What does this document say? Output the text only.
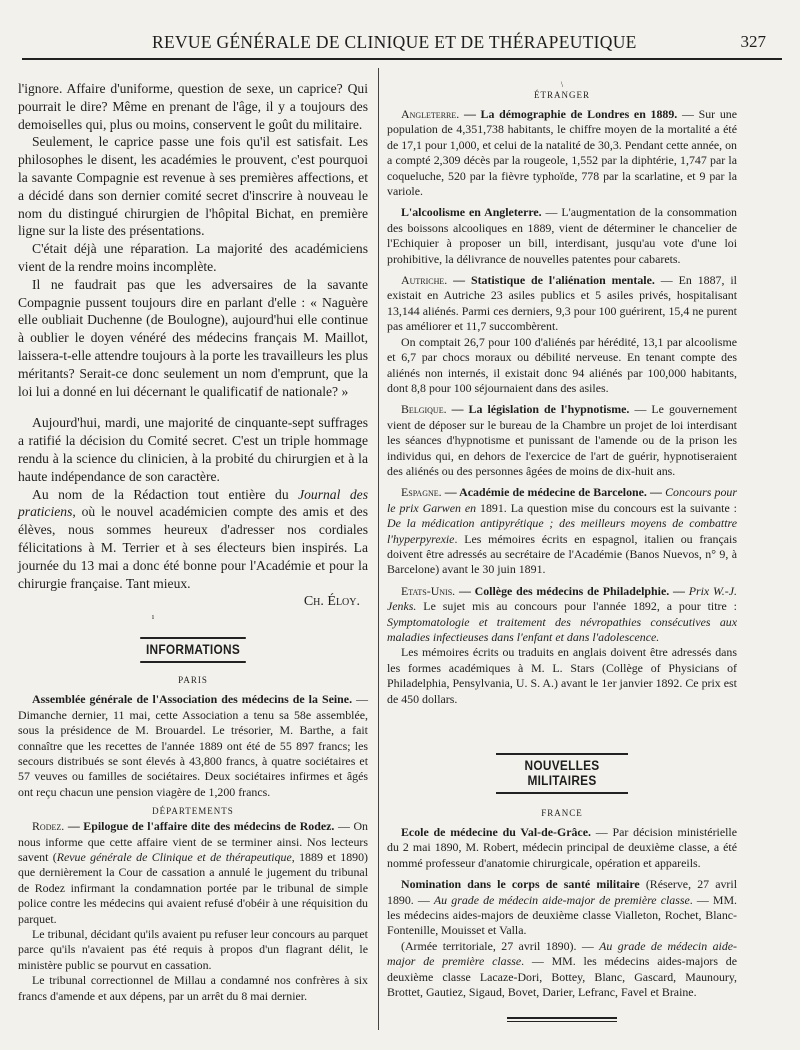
REVUE GÉNÉRALE DE CLINIQUE ET DE THÉRAPEUTIQUE	327

l'ignore. Affaire d'uniforme, question de sexe, un caprice? Qui pourrait le dire? Même en prenant de l'âge, il y a toujours des demoiselles qui, plus ou moins, conservent le goût du militaire.

Seulement, le caprice passe une fois qu'il est satisfait. Les philosophes le disent, les académies le prouvent, c'est pourquoi la savante Compagnie est revenue à ses premières affections, et a décidé dans son dernier comité secret d'inscrire à nouveau le nom du distingué chirurgien de l'hôpital Bichat, en première ligne sur la liste des présentations.

C'était déjà une réparation. La majorité des académiciens vient de la rendre moins incomplète.

Il ne faudrait pas que les adversaires de la savante Compagnie pussent toujours dire en parlant d'elle : « Naguère elle oubliait Duchenne (de Boulogne), aujourd'hui elle continue à oublier le doyen vénéré des médecins français M. Maillot, laissera-t-elle attendre toujours à la porte les travailleurs les plus méritants? Serait-ce donc seulement un nom d'emprunt, que la loi lui a donné en lui décernant le qualificatif de nationale? »

Aujourd'hui, mardi, une majorité de cinquante-sept suffrages a ratifié la décision du Comité secret. C'est un triple hommage rendu à la science du clinicien, à la probité du chirurgien et à la haute indépendance de son caractère.

Au nom de la Rédaction tout entière du Journal des praticiens, où le nouvel académicien compte des amis et des élèves, nous sommes heureux d'adresser nos cordiales félicitations à M. Terrier et à ses électeurs bien inspirés. La journée du 13 mai a donc été bonne pour l'Académie et pour la chirurgie française. Tant mieux.

Ch. Éloy.
ı
INFORMATIONS
PARIS

Assemblée générale de l'Association des médecins de la Seine. — Dimanche dernier, 11 mai, cette Association a tenu sa 58e assemblée, sous la présidence de M. Brouardel. Le trésorier, M. Barthe, a fait connaître que les recettes de l'année 1889 ont été de 55 897 francs; les secours distribués se sont élevés à 43,800 francs, à quatre sociétaires et 57 veuves ou familles de sociétaires. Deux sociétaires infirmes et âgés ont reçu chacun une pension viagère de 1,200 francs.

DÉPARTEMENTS

Rodez. — Epilogue de l'affaire dite des médecins de Rodez. — On nous informe que cette affaire vient de se terminer ainsi. Nos lecteurs savent (Revue générale de Clinique et de thérapeutique, 1889 et 1890) que dernièrement la Cour de cassation a annulé le jugement du tribunal de Rodez infirmant la condamnation portée par le tribunal de simple police contre les médecins qui avaient refusé d'obéir à une réquisition du parquet.

Le tribunal, décidant qu'ils avaient pu refuser leur concours au parquet parce qu'ils n'avaient pas été requis à propos d'un flagrant délit, le ministère public se pourvut en cassation.

Le tribunal correctionnel de Millau a condamné nos confrères à six francs d'amende et aux dépens, par un arrêt du 8 mai dernier.

\
ÉTRANGER

Angleterre. — La démographie de Londres en 1889. — Sur une population de 4,351,738 habitants, le chiffre moyen de la mortalité a été de 17,1 pour 1,000, et celui de la natalité de 30,3. Pendant cette année, on a compté 2,309 décès par la rougeole, 1,552 par la diphtérie, 1,747 par la coqueluche, 520 par la fièvre typhoïde, 778 par la scarlatine, et 9 par la variole.

L'alcoolisme en Angleterre. — L'augmentation de la consommation des boissons alcooliques en 1889, vient de déterminer le chancelier de l'Echiquier à proposer un bill, interdisant, jusqu'au vote d'une loi prohibitive, la délivrance de nouvelles patentes pour cabarets.

Autriche. — Statistique de l'aliénation mentale. — En 1887, il existait en Autriche 23 asiles publics et 5 asiles privés, hospitalisant 13,144 aliénés. Parmi ces derniers, 9,3 pour 100 guérirent, 15,4 ne purent pas améliorer et 11,7 succombèrent.

On comptait 26,7 pour 100 d'aliénés par hérédité, 13,1 par alcoolisme et 6,7 par chocs moraux ou débilité nerveuse. En tenant compte des aliénés non internés, il existait donc 94 aliénés par 100,000 habitants, dont 8,8 pour 100 séjournaient dans des asiles.

Belgique. — La législation de l'hypnotisme. — Le gouvernement vient de déposer sur le bureau de la Chambre un projet de loi interdisant les séances d'hypnotisme et punissant de l'amende ou de la prison les individus qui, en dehors de l'exercice de l'art de guérir, hypnotiseraient des aliénés ou des personnes âgées de moins de dix-huit ans.

Espagne. — Académie de médecine de Barcelone. — Concours pour le prix Garwen en 1891. La question mise du concours est la suivante : De la médication antipyrétique ; des meilleurs moyens de combattre l'hyperpyrexie. Les mémoires écrits en espagnol, italien ou français doivent être adressés au secrétaire de l'Académie (Banos Nuevos, n° 9, à Barcelone) avant le 30 juin 1891.

Etats-Unis. — Collège des médecins de Philadelphie. — Prix W.-J. Jenks. Le sujet mis au concours pour l'année 1892, a pour titre : Symptomatologie et traitement des névropathies consécutives aux maladies infectieuses dans l'enfant et dans l'adolescence.

Les mémoires écrits ou traduits en anglais doivent être adressés dans les formes académiques à M. L. Stars (Collège of Physicians of Philadelphia, Pensylvania, U. S. A.) avant le 1er janvier 1892. Ce prix est de 450 dollars.

NOUVELLES MILITAIRES
FRANCE

Ecole de médecine du Val-de-Grâce. — Par décision ministérielle du 2 mai 1890, M. Robert, médecin principal de deuxième classe, a été nommé professeur d'anatomie chirurgicale, opération et appareils.

Nomination dans le corps de santé militaire (Réserve, 27 avril 1890. — Au grade de médecin aide-major de première classe. — MM. les médecins aides-majors de deuxième classe Vialleton, Rochet, Blanc-Fontenille, Mouisset et Valla.

(Armée territoriale, 27 avril 1890). — Au grade de médecin aide-major de première classe. — MM. les médecins aides-majors de deuxième classe Lacaze-Dori, Bottey, Blanc, Gascard, Maunoury, Brottet, Gautiez, Sigaud, Bovet, Darier, Lefranc, Favel et Braine.
